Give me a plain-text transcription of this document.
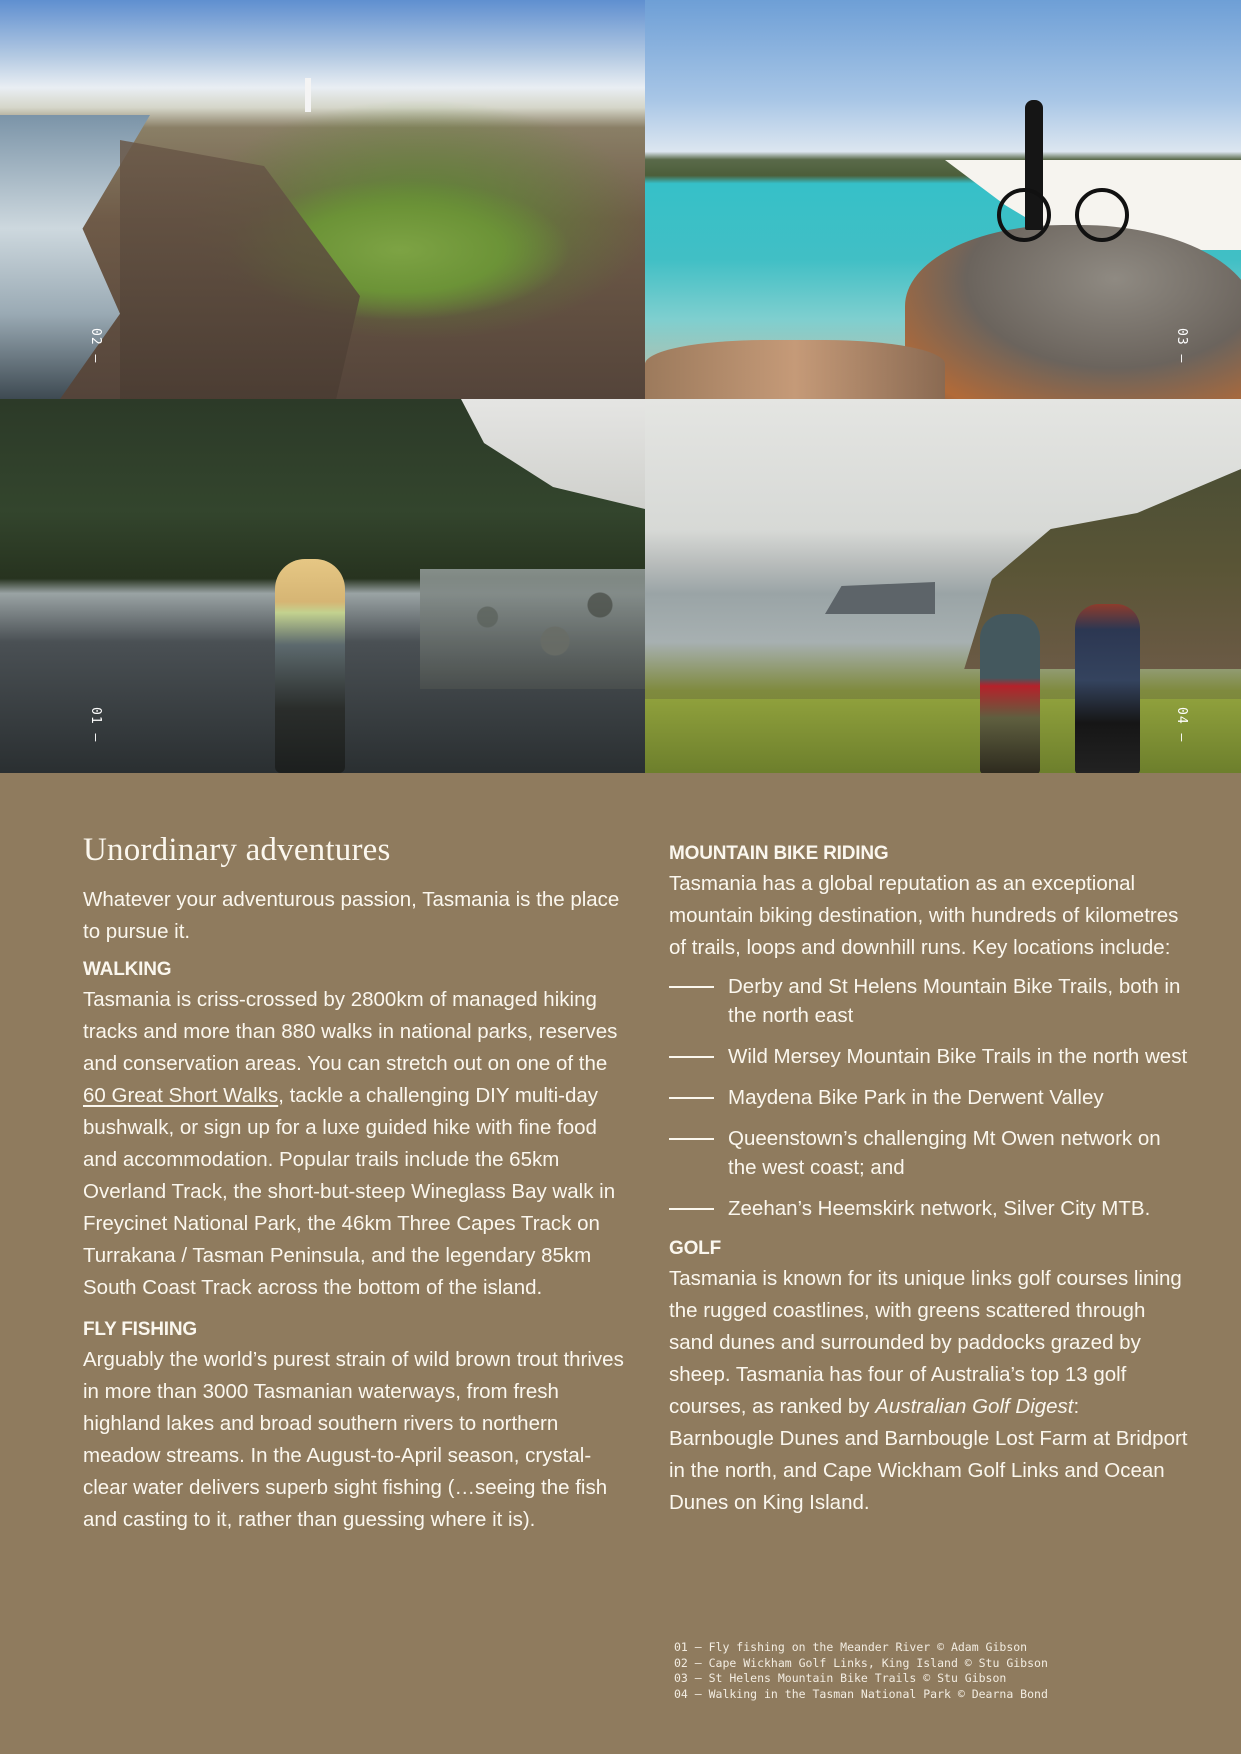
02 —	03 —
01 —	04 —
Unordinary adventures

Whatever your adventurous passion, Tasmania is the place to pursue it.

WALKING

Tasmania is criss-crossed by 2800km of managed hiking tracks and more than 880 walks in national parks, reserves and conservation areas. You can stretch out on one of the 60 Great Short Walks, tackle a challenging DIY multi-day bushwalk, or sign up for a luxe guided hike with fine food and accommodation. Popular trails include the 65km Overland Track, the short-but-steep Wineglass Bay walk in Freycinet National Park, the 46km Three Capes Track on Turrakana / Tasman Peninsula, and the legendary 85km South Coast Track across the bottom of the island.

FLY FISHING

Arguably the world’s purest strain of wild brown trout thrives in more than 3000 Tasmanian waterways, from fresh highland lakes and broad southern rivers to northern meadow streams. In the August-to-April season, crystal-clear water delivers superb sight fishing (…seeing the fish and casting to it, rather than guessing where it is).

MOUNTAIN BIKE RIDING

Tasmania has a global reputation as an exceptional mountain biking destination, with hundreds of kilometres of trails, loops and downhill runs. Key locations include:

Derby and St Helens Mountain Bike Trails, both in the north east
Wild Mersey Mountain Bike Trails in the north west
Maydena Bike Park in the Derwent Valley
Queenstown’s challenging Mt Owen network on the west coast; and
Zeehan’s Heemskirk network, Silver City MTB.

GOLF

Tasmania is known for its unique links golf courses lining the rugged coastlines, with greens scattered through sand dunes and surrounded by paddocks grazed by sheep. Tasmania has four of Australia’s top 13 golf courses, as ranked by Australian Golf Digest: Barnbougle Dunes and Barnbougle Lost Farm at Bridport in the north, and Cape Wickham Golf Links and Ocean Dunes on King Island.

01 — Fly fishing on the Meander River © Adam Gibson
02 — Cape Wickham Golf Links, King Island © Stu Gibson
03 — St Helens Mountain Bike Trails © Stu Gibson
04 — Walking in the Tasman National Park © Dearna Bond
